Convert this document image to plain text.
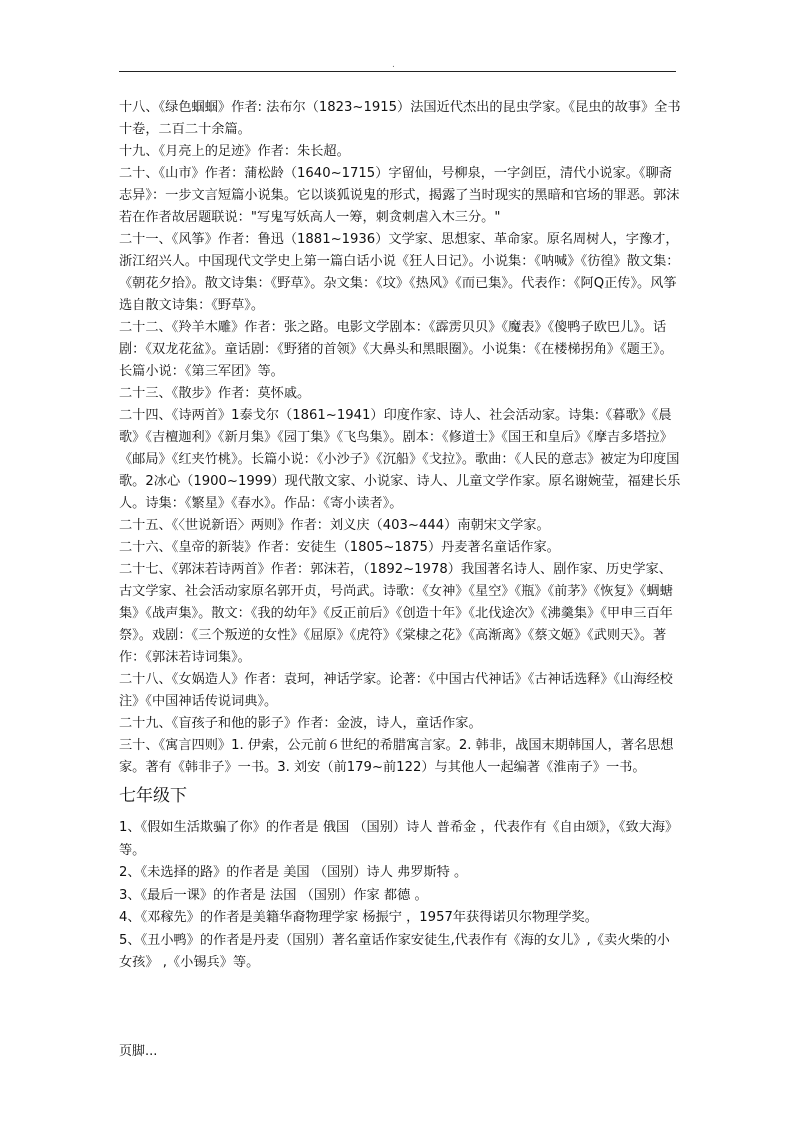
.

十八、《绿色蝈蝈》作者: 法布尔（1823~1915）法国近代杰出的昆虫学家。《昆虫的故事》全书十卷，二百二十余篇。

十九、《月亮上的足迹》作者：朱长超。

二十、《山市》作者：蒲松龄（1640~1715）字留仙，号柳泉，一字剑臣，清代小说家。《聊斋志异》：一步文言短篇小说集。它以谈狐说鬼的形式，揭露了当时现实的黑暗和官场的罪恶。郭沫若在作者故居题联说："写鬼写妖高人一筹，刺贪刺虐入木三分。"

二十一、《风筝》作者：鲁迅（1881~1936）文学家、思想家、革命家。原名周树人，字豫才，浙江绍兴人。中国现代文学史上第一篇白话小说《狂人日记》。小说集：《呐喊》《彷徨》散文集：《朝花夕拾》。散文诗集：《野草》。杂文集：《坟》《热风》《而已集》。代表作：《阿Q正传》。风筝选自散文诗集：《野草》。

二十二、《羚羊木雕》作者：张之路。电影文学剧本：《霹雳贝贝》《魔表》《傻鸭子欧巴儿》。话剧：《双龙花盆》。童话剧：《野猪的首领》《大鼻头和黑眼圈》。小说集：《在楼梯拐角》《题王》。长篇小说：《第三军团》等。

二十三、《散步》作者：莫怀戚。

二十四、《诗两首》1泰戈尔（1861~1941）印度作家、诗人、社会活动家。诗集:《暮歌》《晨歌》《吉檀迦利》《新月集》《园丁集》《飞鸟集》。剧本：《修道士》《国王和皇后》《摩吉多塔拉》《邮局》《红夹竹桃》。长篇小说：《小沙子》《沉船》《戈拉》。歌曲：《人民的意志》被定为印度国歌。2冰心（1900~1999）现代散文家、小说家、诗人、儿童文学作家。原名谢婉莹，福建长乐人。诗集：《繁星》《春水》。作品：《寄小读者》。

二十五、《〈世说新语〉两则》作者：刘义庆（403~444）南朝宋文学家。

二十六、《皇帝的新装》作者：安徒生（1805~1875）丹麦著名童话作家。

二十七、《郭沫若诗两首》作者：郭沫若，（1892~1978）我国著名诗人、剧作家、历史学家、古文学家、社会活动家原名郭开贞，号尚武。诗歌：《女神》《星空》《瓶》《前茅》《恢复》《蜩螗集》《战声集》。散文：《我的幼年》《反正前后》《创造十年》《北伐途次》《沸羹集》《甲申三百年祭》。戏剧：《三个叛逆的女性》《屈原》《虎符》《棠棣之花》《高渐离》《蔡文姬》《武则天》。著作：《郭沫若诗词集》。

二十八、《女娲造人》作者：袁珂，神话学家。论著：《中国古代神话》《古神话选释》《山海经校注》《中国神话传说词典》。

二十九、《盲孩子和他的影子》作者：金波，诗人，童话作家。

三十、《寓言四则》1. 伊索，公元前６世纪的希腊寓言家。2. 韩非，战国末期韩国人，著名思想家。著有《韩非子》一书。3. 刘安（前179~前122）与其他人一起编著《淮南子》一书。

七年级下

1、《假如生活欺骗了你》的作者是 俄国 （国别）诗人 普希金 ，代表作有《自由颂》，《致大海》等。

2、《未选择的路》的作者是 美国 （国别）诗人 弗罗斯特 。

3、《最后一课》的作者是 法国 （国别）作家 都德 。

4、《邓稼先》的作者是美籍华裔物理学家 杨振宁 ，1957年获得诺贝尔物理学奖。

5、《丑小鸭》的作者是丹麦（国别）著名童话作家安徒生,代表作有《海的女儿》,《卖火柴的小女孩》 ,《小锡兵》等。

页脚...
